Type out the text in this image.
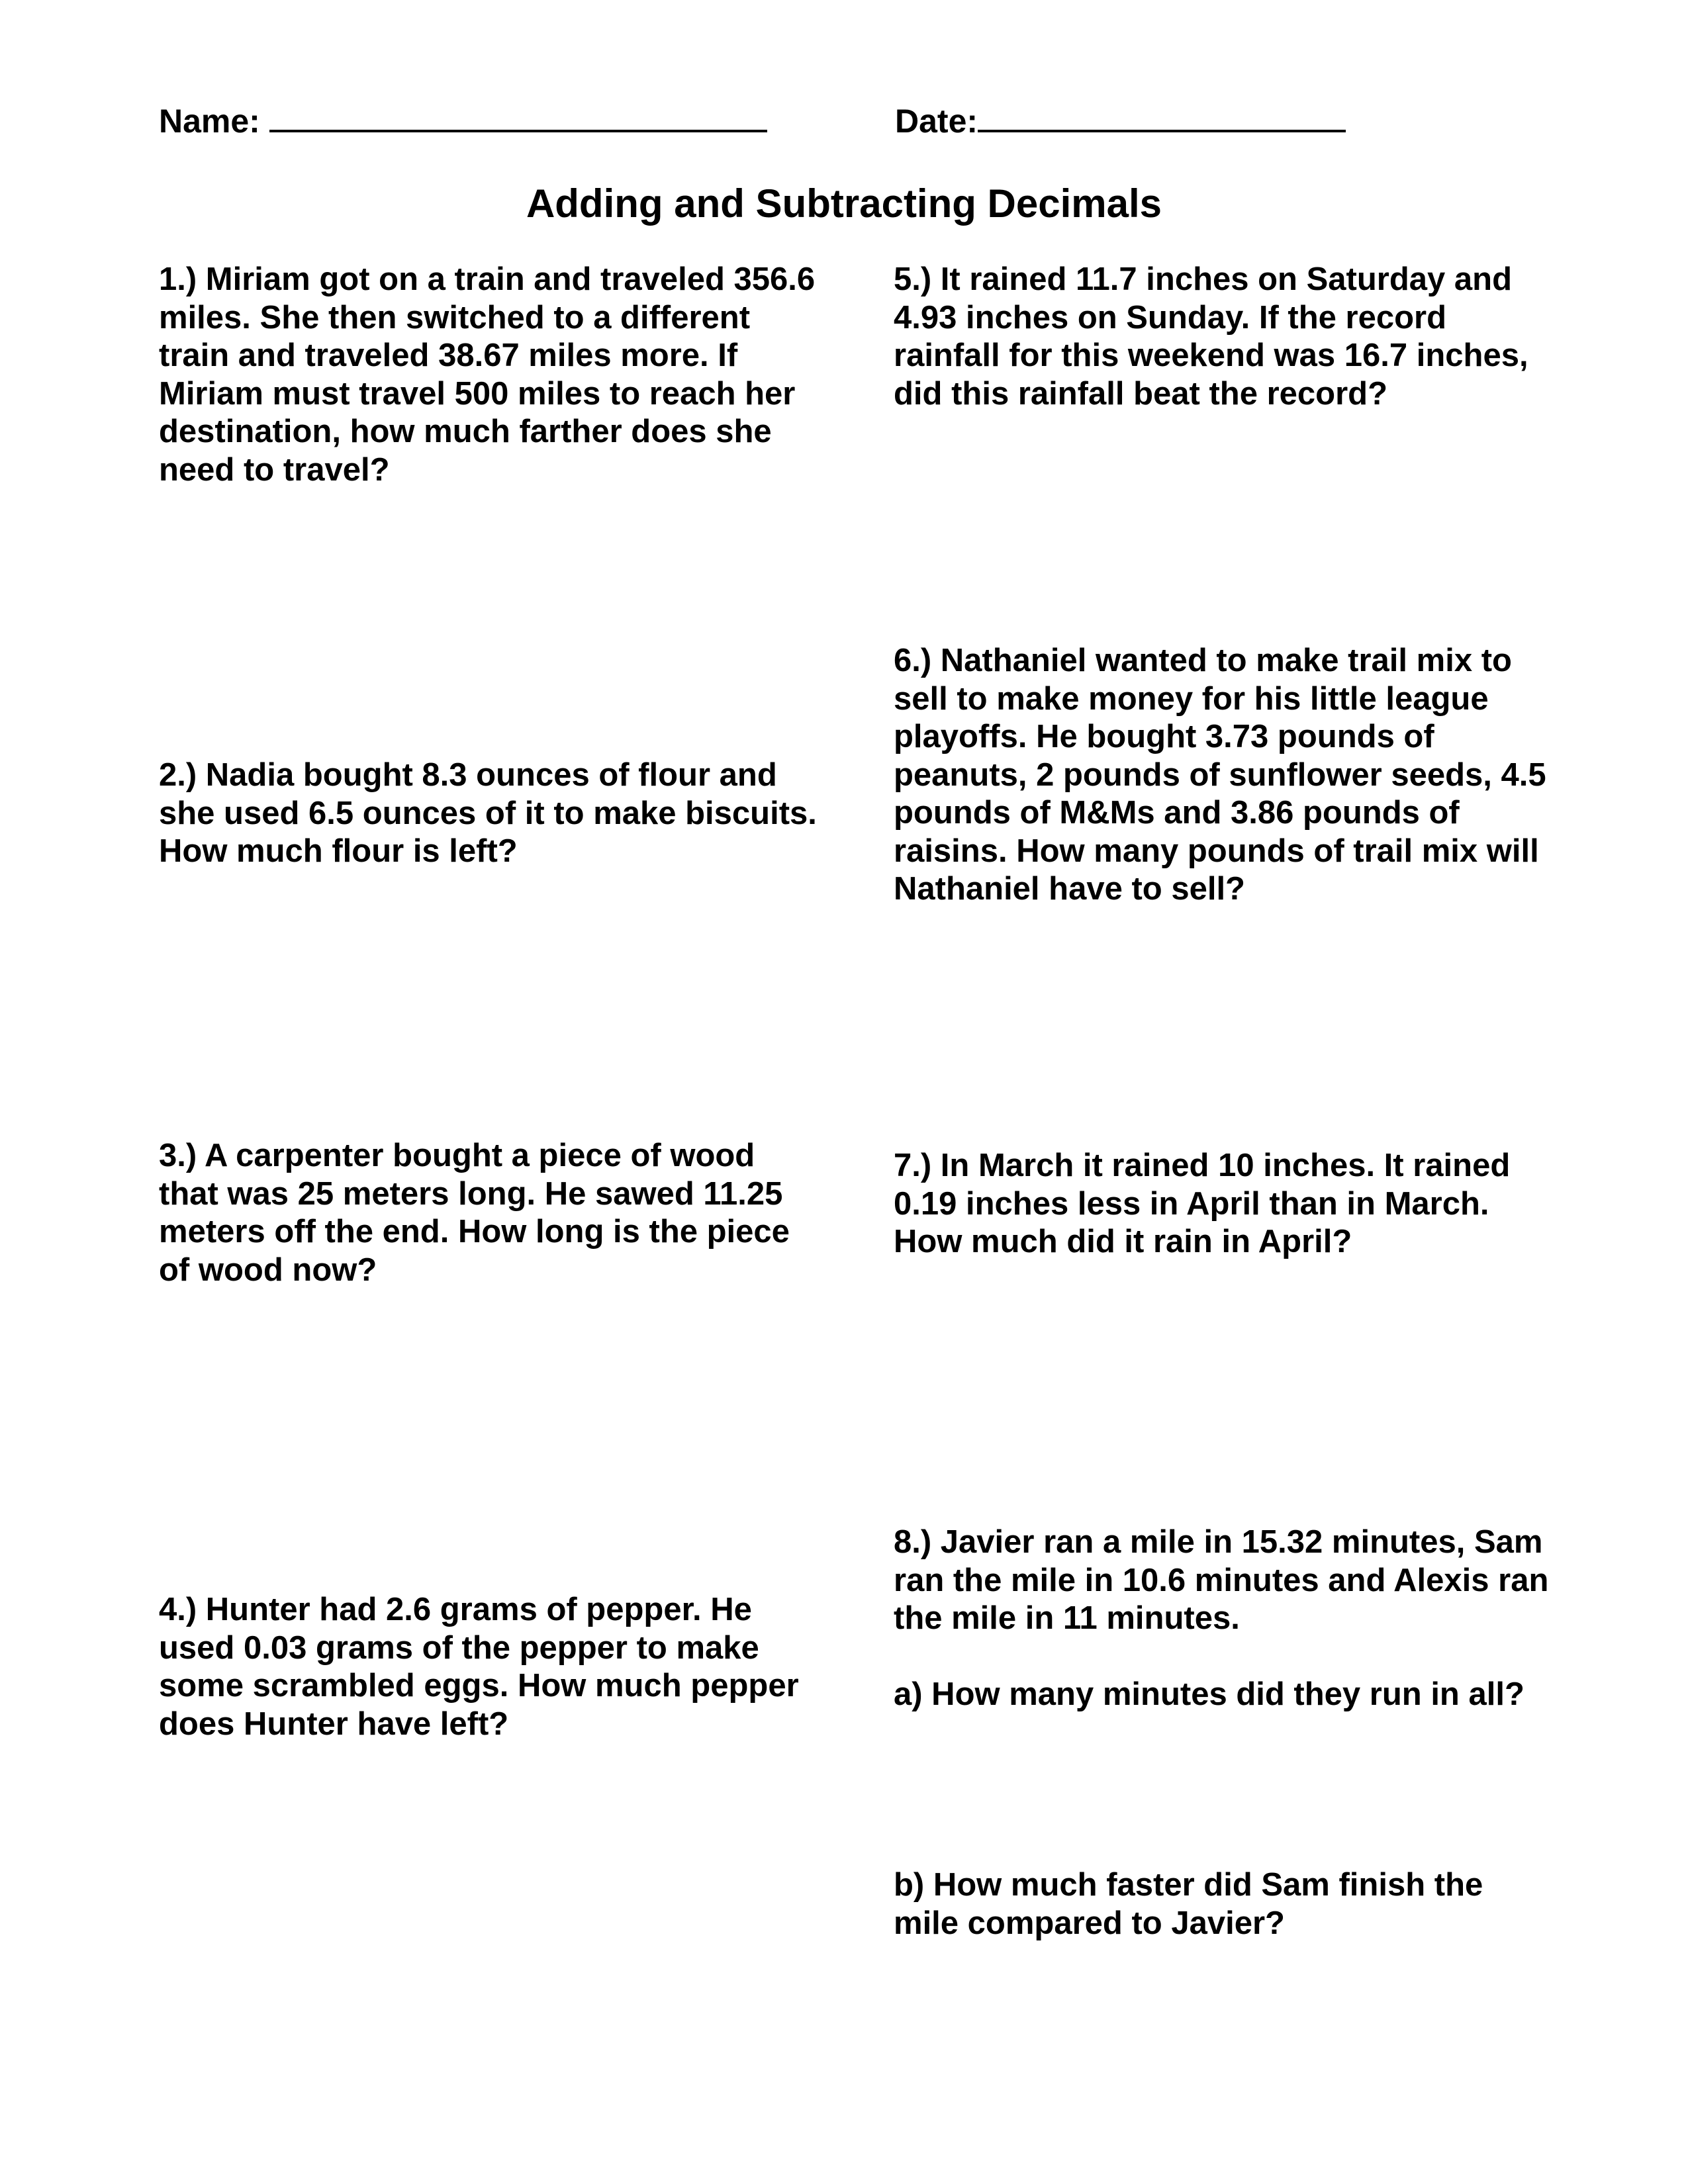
Name:	Date:
Adding and Subtracting Decimals

1.) Miriam got on a train and traveled 356.6 miles. She then switched to a different train and traveled 38.67 miles more. If Miriam must travel 500 miles to reach her destination, how much farther does she need to travel?

2.) Nadia bought 8.3 ounces of flour and she used 6.5 ounces of it to make biscuits. How much flour is left?

3.) A carpenter bought a piece of wood that was 25 meters long. He sawed 11.25 meters off the end. How long is the piece of wood now?

4.) Hunter had 2.6 grams of pepper. He used 0.03 grams of the pepper to make some scrambled eggs. How much pepper does Hunter have left?

5.) It rained 11.7 inches on Saturday and 4.93 inches on Sunday. If the record rainfall for this weekend was 16.7 inches, did this rainfall beat the record?

6.) Nathaniel wanted to make trail mix to sell to make money for his little league playoffs. He bought 3.73 pounds of peanuts, 2 pounds of sunflower seeds, 4.5 pounds of M&Ms and 3.86 pounds of raisins. How many pounds of trail mix will Nathaniel have to sell?

7.) In March it rained 10 inches. It rained 0.19 inches less in April than in March. How much did it rain in April?

8.) Javier ran a mile in 15.32 minutes, Sam ran the mile in 10.6 minutes and Alexis ran the mile in 11 minutes.

a) How many minutes did they run in all?

b) How much faster did Sam finish the mile compared to Javier?
